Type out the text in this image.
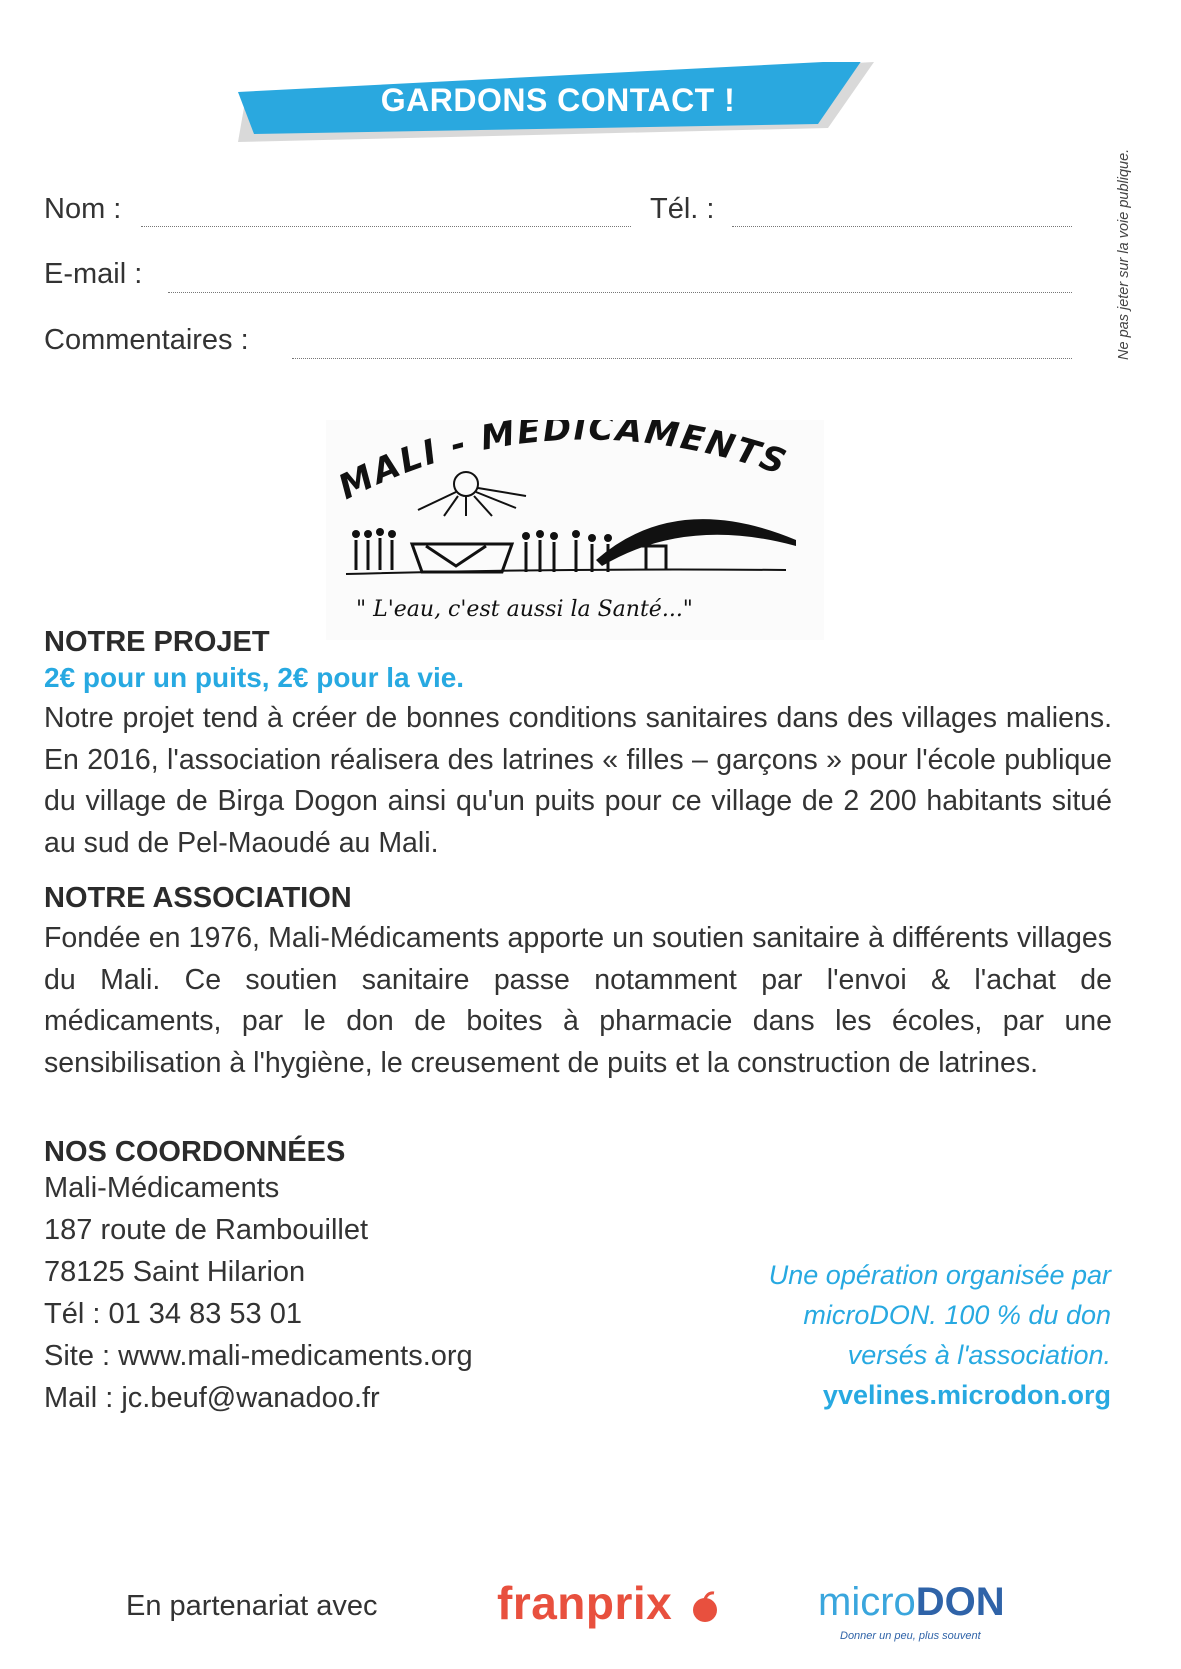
GARDONS CONTACT !
Ne pas jeter sur la voie publique.
Nom :	Tél. :
E-mail :
Commentaires :
MALI - MEDICAMENTS
" L'eau, c'est aussi la Santé..."
NOTRE PROJET
2€ pour un puits, 2€ pour la vie.
Notre projet tend à créer de bonnes conditions sanitaires dans des villages maliens. En 2016, l'association réalisera des latrines « filles – garçons » pour l'école publique du village de Birga Dogon ainsi qu'un puits pour ce village de 2 200 habitants situé au sud de Pel-Maoudé au Mali.
NOTRE ASSOCIATION
Fondée en 1976, Mali-Médicaments apporte un soutien sanitaire à différents villages du Mali. Ce soutien sanitaire passe notamment par l'envoi & l'achat de médicaments, par le don de boites à pharmacie dans les écoles, par une sensibilisation à l'hygiène, le creusement de puits et la construction de latrines.
NOS COORDONNÉES
Mali-Médicaments
187 route de Rambouillet
78125 Saint Hilarion
Tél : 01 34 83 53 01
Site : www.mali-medicaments.org
Mail : jc.beuf@wanadoo.fr
Une opération organisée par
microDON. 100 % du don
versés à l'association.
yvelines.microdon.org
En partenariat avec	franprix	microDON
Donner un peu, plus souvent
